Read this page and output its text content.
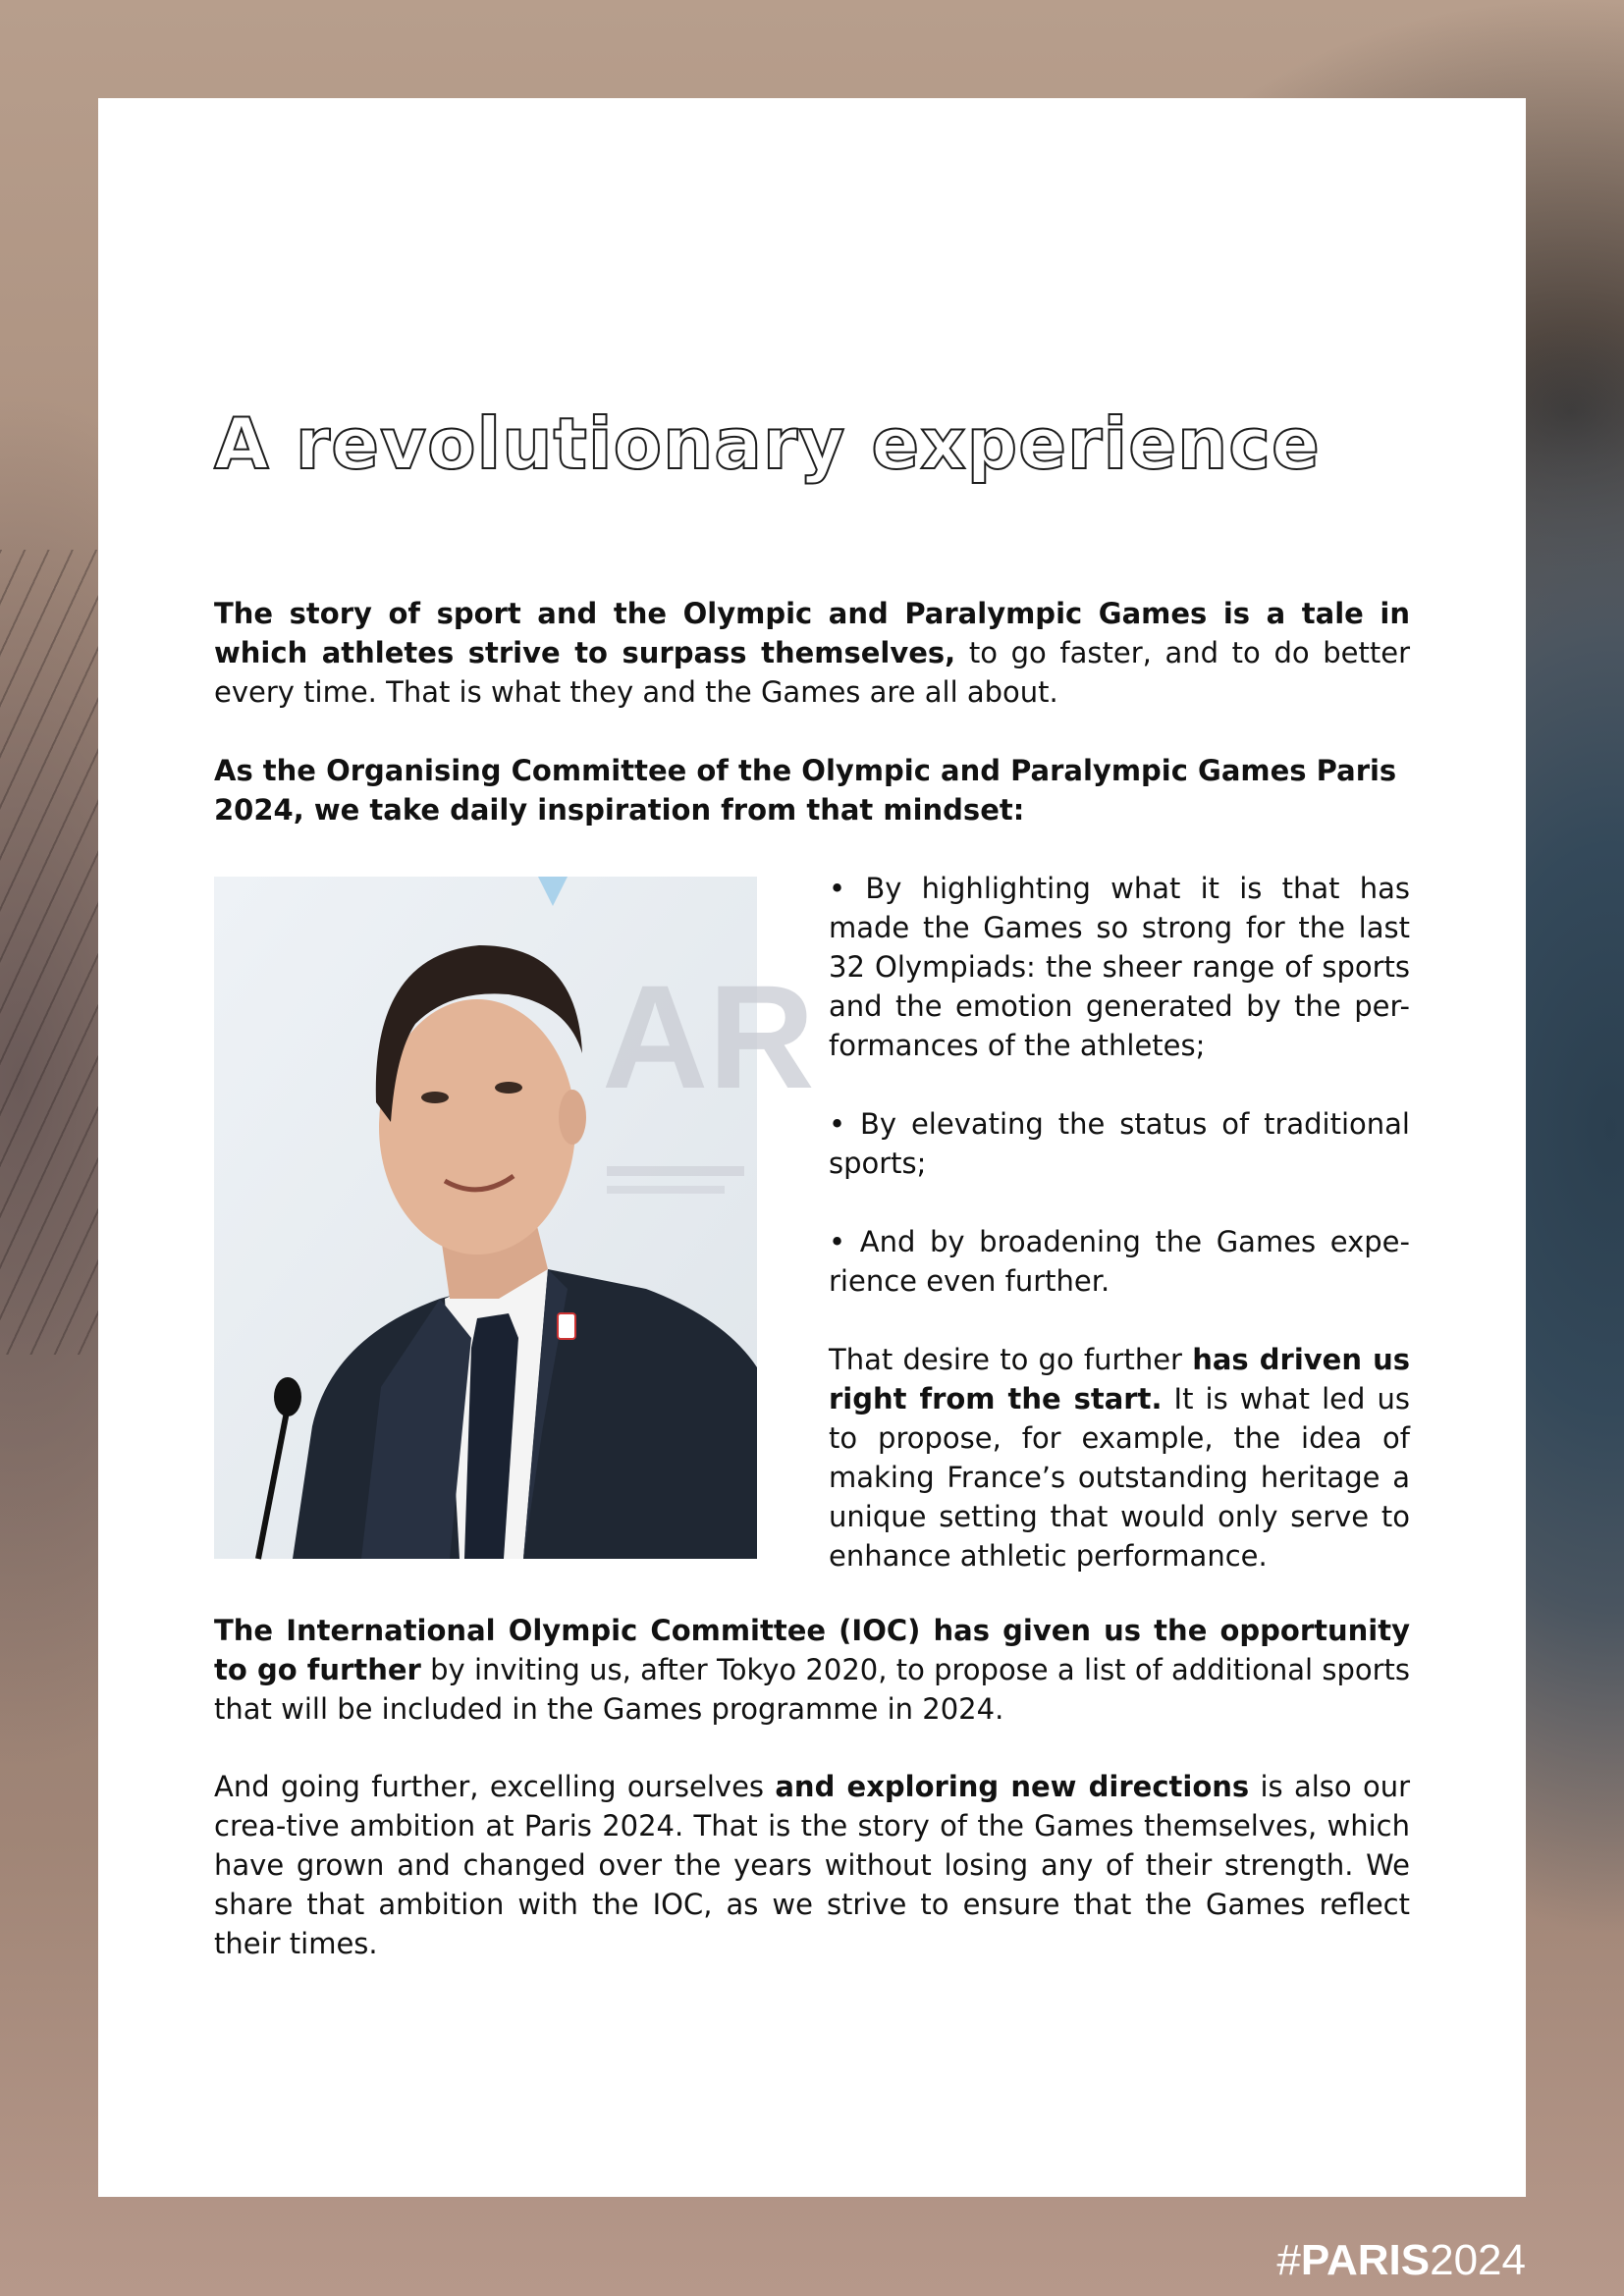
A revolutionary experience

The story of sport and the Olympic and Paralympic Games is a tale in which athletes strive to surpass themselves, to go faster, and to do better every time. That is what they and the Games are all about.

As the Organising Committee of the Olympic and Paralympic Games Paris 2024, we take daily inspiration from that mindset:

AR

• By highlighting what it is that has made the Games so strong for the last 32 Olympiads: the sheer range of sports and the emotion generated by the per-formances of the athletes;

• By elevating the status of traditional sports;

• And by broadening the Games expe-rience even further.

That desire to go further has driven us right from the start. It is what led us to propose, for example, the idea of making France’s outstanding heritage a unique setting that would only serve to enhance athletic performance.

The International Olympic Committee (IOC) has given us the opportunity to go further by inviting us, after Tokyo 2020, to propose a list of additional sports that will be included in the Games programme in 2024.

And going further, excelling ourselves and exploring new directions is also our crea-tive ambition at Paris 2024. That is the story of the Games themselves, which have grown and changed over the years without losing any of their strength. We share that ambition with the IOC, as we strive to ensure that the Games reflect their times.

#PARIS2024
